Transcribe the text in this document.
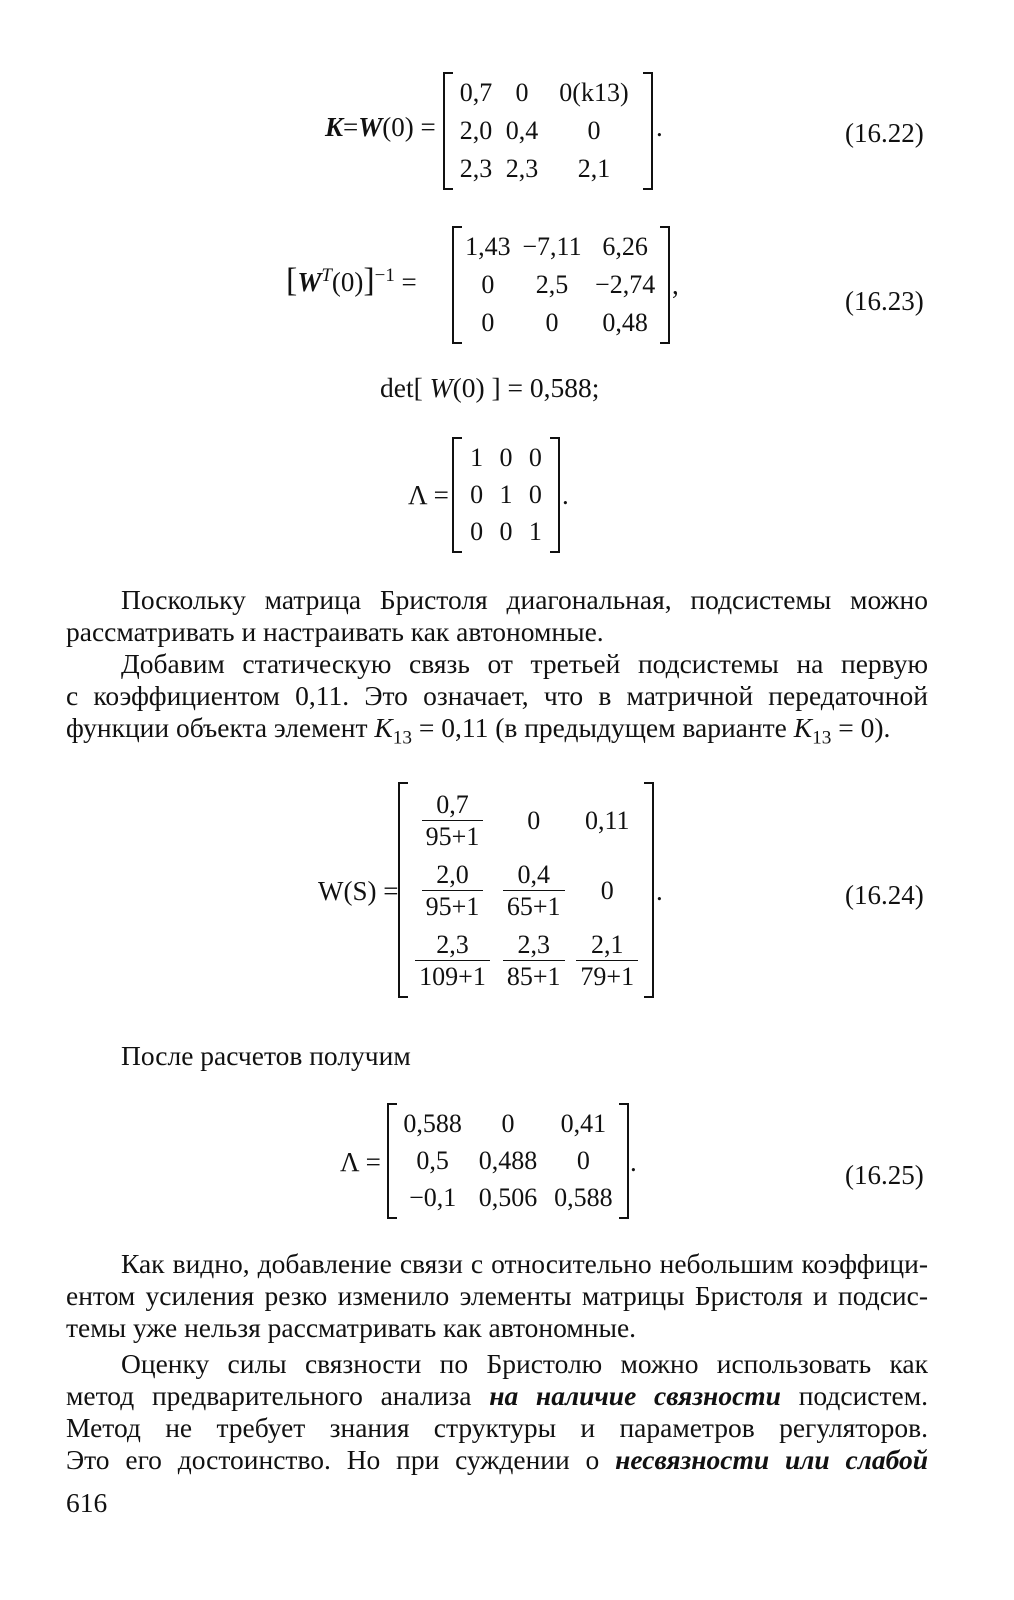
K=W(0) =
0,7	0	0(k13)
2,0	0,4	0
2,3	2,3	2,1
.	(16.22)
$[W^T(0)]^{-1}$ =
1,43	−7,11	6,26
0	2,5	−2,74
0	0	0,48
,
(16.23)
det[ W(0) ] = 0,588;
Λ =
1	0	0
0	1	0
0	0	1
.
Поскольку матрица Бристоля диагональная, подсистемы можно рассматривать и настраивать как автономные.
Добавим статическую связь от третьей подсистемы на первую
с коэффициентом 0,11. Это означает, что в матричной передаточной
функции объекта элемент $K_{13} = 0,11$ (в предыдущем варианте $K_{13} = 0$).
W(S) =
$\frac{0,7}{95+1}$	0	0,11

$\frac{2,0}{95+1}$	$\frac{0,4}{65+1}$	0

$\frac{2,3}{109+1}$	$\frac{2,3}{85+1}$	$\frac{2,1}{79+1}$
.	(16.24)
После расчетов получим
Λ =
0,588	0	0,41
0,5	0,488	0
−0,1	0,506	0,588
.	(16.25)
Как видно, добавление связи с относительно небольшим коэффици-
ентом усиления резко изменило элементы матрицы Бристоля и подсис-
темы уже нельзя рассматривать как автономные.
Оценку силы связности по Бристолю можно использовать как
метод предварительного анализа на наличие связности подсистем.
Метод не требует знания структуры и параметров регуляторов.
Это его достоинство. Но при суждении о несвязности или слабой
616
